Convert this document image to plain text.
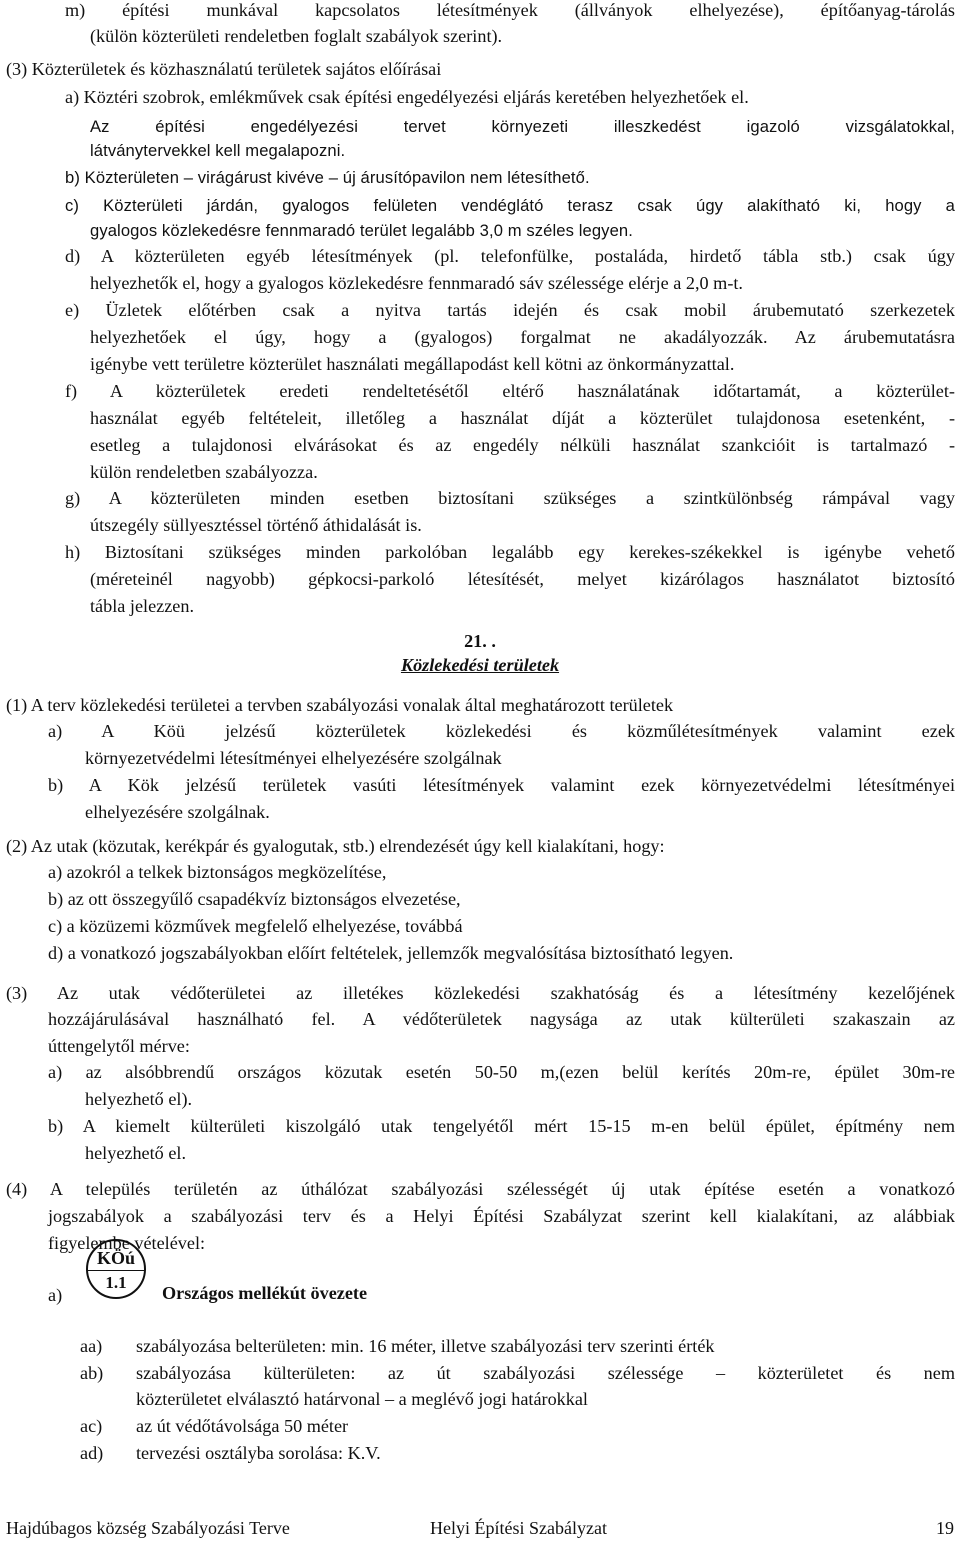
m) építési munkával kapcsolatos létesítmények (állványok elhelyezése), építőanyag-tárolás
(külön közterületi rendeletben foglalt szabályok szerint).
(3) Közterületek és közhasználatú területek sajátos előírásai
a) Köztéri szobrok, emlékművek csak építési engedélyezési eljárás keretében helyezhetőek el.
Az építési engedélyezési tervet környezeti illeszkedést igazoló vizsgálatokkal,
látványtervekkel kell megalapozni.
b) Közterületen – virágárust kivéve – új árusítópavilon nem létesíthető.
c) Közterületi járdán, gyalogos felületen vendéglátó terasz csak úgy alakítható ki, hogy a
gyalogos közlekedésre fennmaradó terület legalább 3,0 m széles legyen.
d) A közterületen egyéb létesítmények (pl. telefonfülke, postaláda, hirdető tábla stb.) csak úgy
helyezhetők el, hogy a gyalogos közlekedésre fennmaradó sáv szélessége elérje a 2,0 m-t.
e) Üzletek előtérben csak a nyitva tartás idején és csak mobil árubemutató szerkezetek
helyezhetőek el úgy, hogy a (gyalogos) forgalmat ne akadályozzák. Az árubemutatásra
igénybe vett területre közterület használati megállapodást kell kötni az önkormányzattal.
f) A közterületek eredeti rendeltetésétől eltérő használatának időtartamát, a közterület-
használat egyéb feltételeit, illetőleg a használat díját a közterület tulajdonosa esetenként, -
esetleg a tulajdonosi elvárásokat és az engedély nélküli használat szankcióit is tartalmazó -
külön rendeletben szabályozza.
g) A közterületen minden esetben biztosítani szükséges a szintkülönbség rámpával vagy
útszegély süllyesztéssel történő áthidalását is.
h) Biztosítani szükséges minden parkolóban legalább egy kerekes-székekkel is igénybe vehető
(méreteinél nagyobb) gépkocsi-parkoló létesítését, melyet kizárólagos használatot biztosító
tábla jelezzen.
21. .
Közlekedési területek
(1) A terv közlekedési területei a tervben szabályozási vonalak által meghatározott területek
a) A Köü jelzésű közterületek közlekedési és közműlétesítmények valamint ezek
környezetvédelmi létesítményei elhelyezésére szolgálnak
b) A Kök jelzésű területek vasúti létesítmények valamint ezek környezetvédelmi létesítményei
elhelyezésére szolgálnak.
(2) Az utak (közutak, kerékpár és gyalogutak, stb.) elrendezését úgy kell kialakítani, hogy:
a) azokról a telkek biztonságos megközelítése,
b) az ott összegyűlő csapadékvíz biztonságos elvezetése,
c) a közüzemi közművek megfelelő elhelyezése, továbbá
d) a vonatkozó jogszabályokban előírt feltételek, jellemzők megvalósítása biztosítható legyen.
(3) Az utak védőterületei az illetékes közlekedési szakhatóság és a létesítmény kezelőjének
hozzájárulásával használható fel. A védőterületek nagysága az utak külterületi szakaszain az
úttengelytől mérve:
a) az alsóbbrendű országos közutak esetén 50-50 m,(ezen belül kerítés 20m-re, épület 30m-re
helyezhető el).
b) A kiemelt külterületi kiszolgáló utak tengelyétől mért 15-15 m-en belül épület, építmény nem
helyezhető el.
(4) A település területén az úthálózat szabályozási szélességét új utak építése esetén a vonatkozó
jogszabályok a szabályozási terv és a Helyi Építési Szabályzat szerint kell kialakítani, az alábbiak
figyelembe vételével:
a)
KÖú
1.1
Országos mellékút övezete
aa) szabályozása belterületen: min. 16 méter, illetve szabályozási terv szerinti érték
ab) szabályozása külterületen: az út szabályozási szélessége – közterületet és nem
közterületet elválasztó határvonal – a meglévő jogi határokkal
ac) az út védőtávolsága 50 méter
ad) tervezési osztályba sorolása: K.V.
Hajdúbagos község Szabályozási Terve	Helyi Építési Szabályzat	19
